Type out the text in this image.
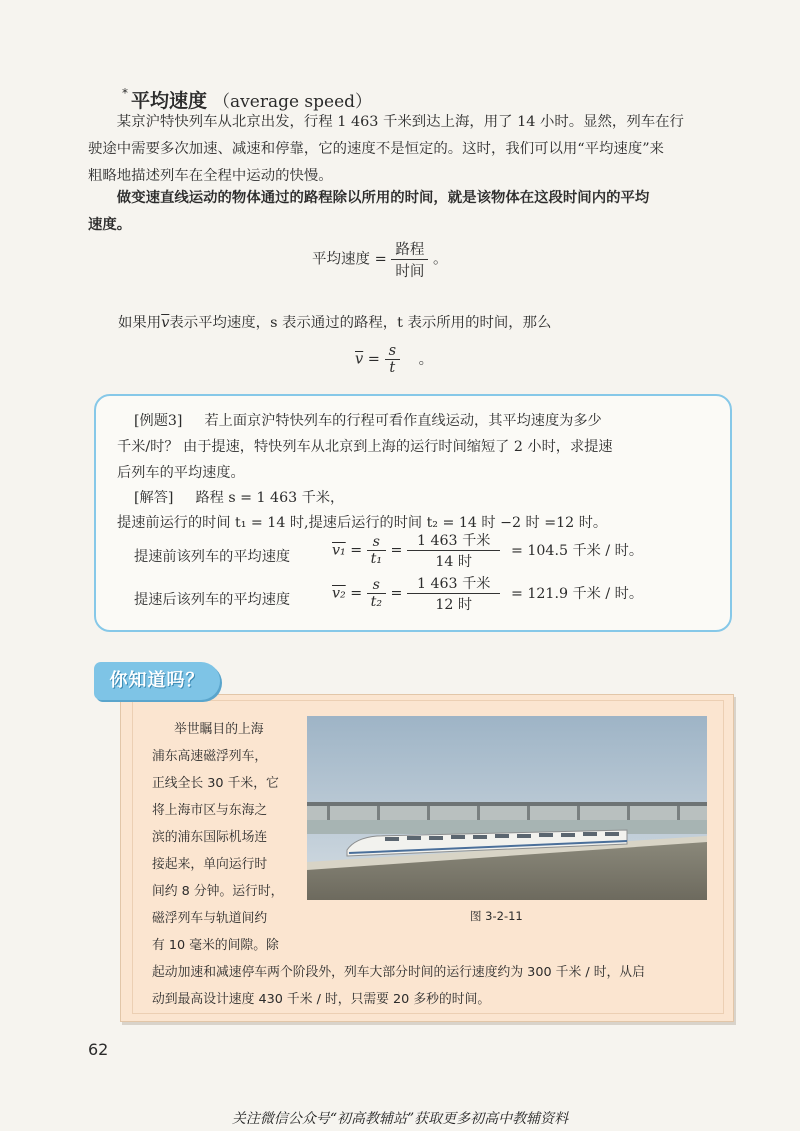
* 平均速度 （average speed）
某京沪特快列车从北京出发，行程 1 463 千米到达上海，用了 14 小时。显然，列车在行
驶途中需要多次加速、减速和停靠，它的速度不是恒定的。这时，我们可以用“平均速度”来
粗略地描述列车在全程中运动的快慢。
做变速直线运动的物体通过的路程除以所用的时间，就是该物体在这段时间内的平均
速度。
平均速度 = $\frac{\text{路程}}{\text{时间}}$ 。
如果用$\overline{v}$表示平均速度，s 表示通过的路程，t 表示所用的时间，那么
$\overline{v} = \frac{s}{t}$ 。
[例题3] 若上面京沪特快列车的行程可看作直线运动，其平均速度为多少
千米/时？ 由于提速，特快列车从北京到上海的运行时间缩短了 2 小时，求提速
后列车的平均速度。
[解答] 路程 s = 1 463 千米，
提速前运行的时间 t₁ = 14 时,提速后运行的时间 t₂ = 14 时 −2 时 =12 时。
提速前该列车的平均速度	$v_1 = \frac{s}{\text{t₁}} = \frac{\text{1 463 千米}}{\text{14 时}} = 104.5$ 千米 / 时。
提速后该列车的平均速度	$v_2 = \frac{s}{\text{t₂}} = \frac{\text{1 463 千米}}{\text{12 时}} = 121.9$ 千米 / 时。
你知道吗？
举世瞩目的上海
浦东高速磁浮列车，
正线全长 30 千米，它
将上海市区与东海之
滨的浦东国际机场连
接起来，单向运行时
间约 8 分钟。运行时，
磁浮列车与轨道间约
有 10 毫米的间隙。除
起动加速和减速停车两个阶段外，列车大部分时间的运行速度约为 300 千米 / 时，从启
动到最高设计速度 430 千米 / 时，只需要 20 多秒的时间。
图 3-2-11
62
关注微信公众号“初高教辅站”获取更多初高中教辅资料
